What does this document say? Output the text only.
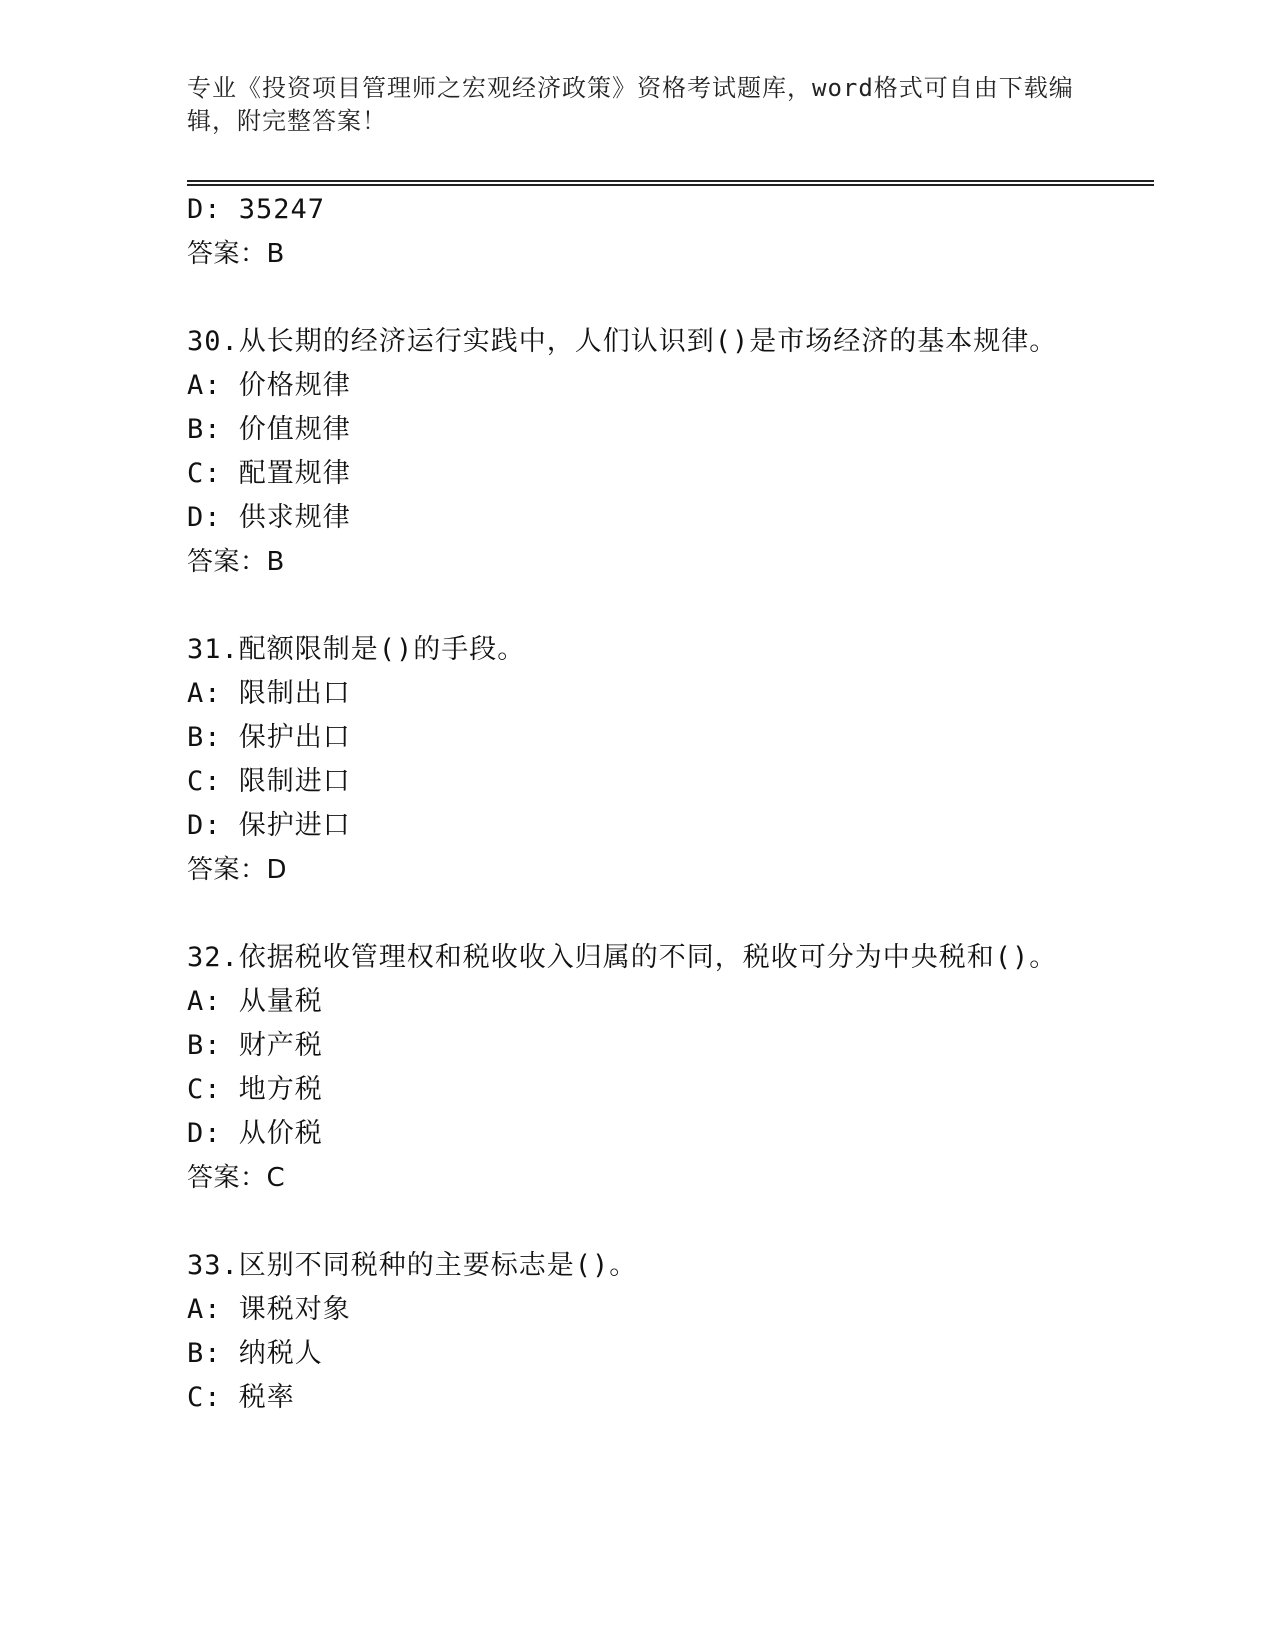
专业《投资项目管理师之宏观经济政策》资格考试题库，word格式可自由下载编
辑，附完整答案！
D: 35247
答案：B
30.从长期的经济运行实践中，人们认识到()是市场经济的基本规律。
A: 价格规律
B: 价值规律
C: 配置规律
D: 供求规律
答案：B
31.配额限制是()的手段。
A: 限制出口
B: 保护出口
C: 限制进口
D: 保护进口
答案：D
32.依据税收管理权和税收收入归属的不同，税收可分为中央税和()。
A: 从量税
B: 财产税
C: 地方税
D: 从价税
答案：C
33.区别不同税种的主要标志是()。
A: 课税对象
B: 纳税人
C: 税率
